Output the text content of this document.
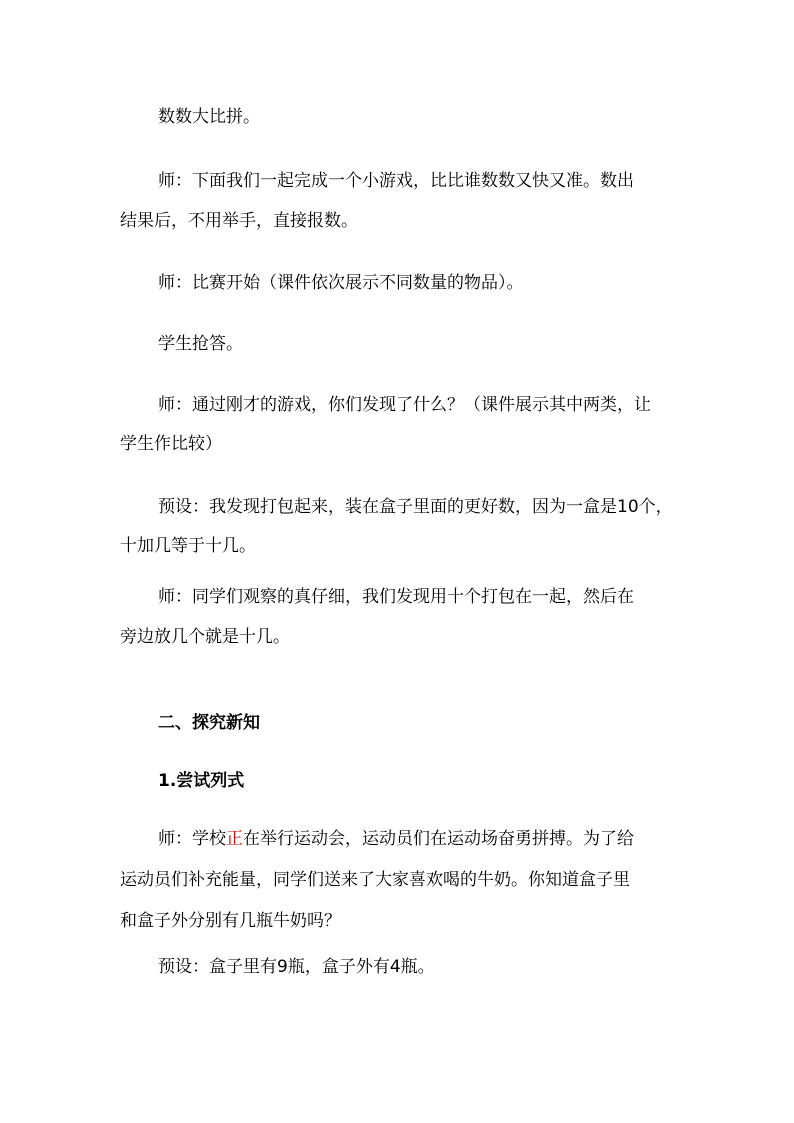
数数大比拼。
师：下面我们一起完成一个小游戏，比比谁数数又快又准。数出
结果后，不用举手，直接报数。
师：比赛开始（课件依次展示不同数量的物品）。
学生抢答。
师：通过刚才的游戏，你们发现了什么？（课件展示其中两类，让
学生作比较）
预设：我发现打包起来，装在盒子里面的更好数，因为一盒是10个，
十加几等于十几。
师：同学们观察的真仔细，我们发现用十个打包在一起，然后在
旁边放几个就是十几。
二、探究新知
1.尝试列式
师：学校正在举行运动会，运动员们在运动场奋勇拼搏。为了给
运动员们补充能量，同学们送来了大家喜欢喝的牛奶。你知道盒子里
和盒子外分别有几瓶牛奶吗？
预设：盒子里有9瓶，盒子外有4瓶。
